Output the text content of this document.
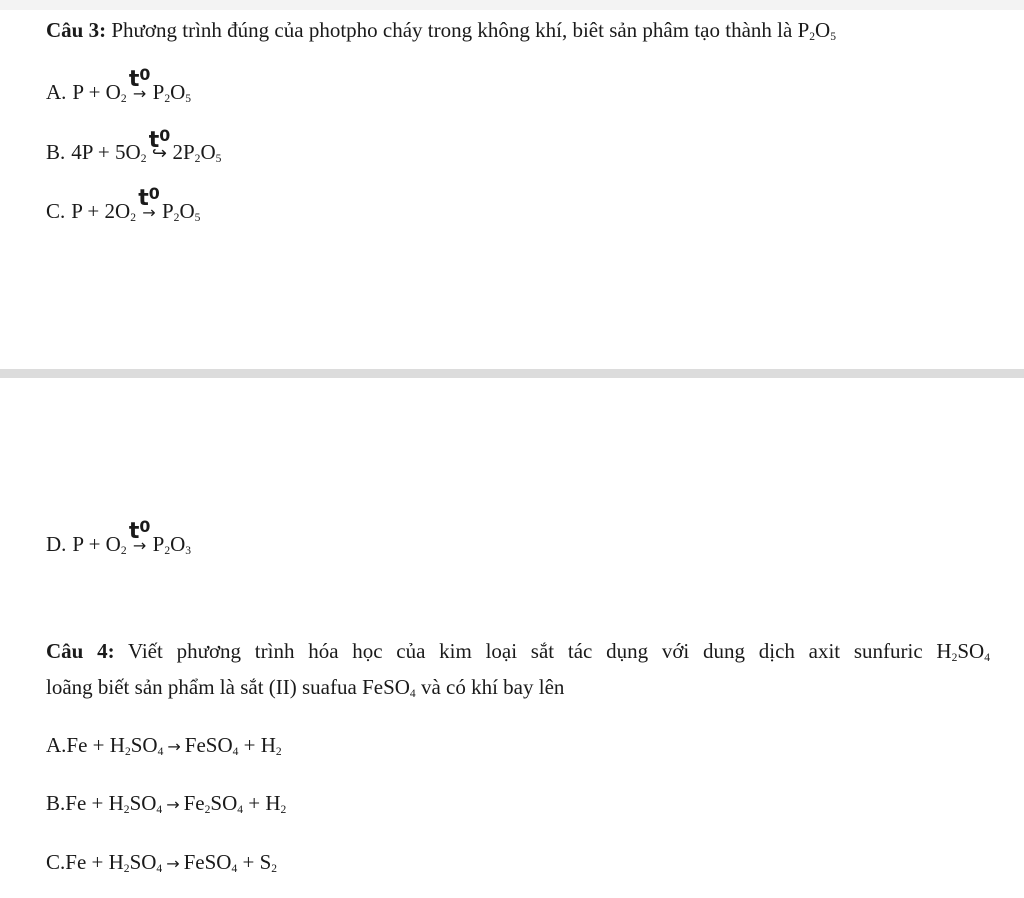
Câu 3: Phương trình đúng của photpho cháy trong không khí, biêt sản phâm tạo thành là $P_2O_5$
A. $P + O_2$
$t^0$
→ $P_2O_5$
B. $4P + 5O_2$
$t^0$
↪ $2P_2O_5$
C. $P + 2O_2$
$t^0$
→ $P_2O_5$
D. $P + O_2$
$t^0$
→ $P_2O_3$
Câu 4: Viết phương trình hóa học của kim loại sắt tác dụng với dung dịch axit sunfuric $H_2SO_4$
loãng biết sản phẩm là sắt (II) suafua FeSO$_4$ và có khí bay lên
$A.Fe + H_2SO_4$ → FeSO$_4$ + $H_2$
$B.Fe + H_2SO_4 \to Fe_2SO_4 + H_2$
$C.Fe + H_2SO_4$ → FeSO$_4$ + $S_2$
